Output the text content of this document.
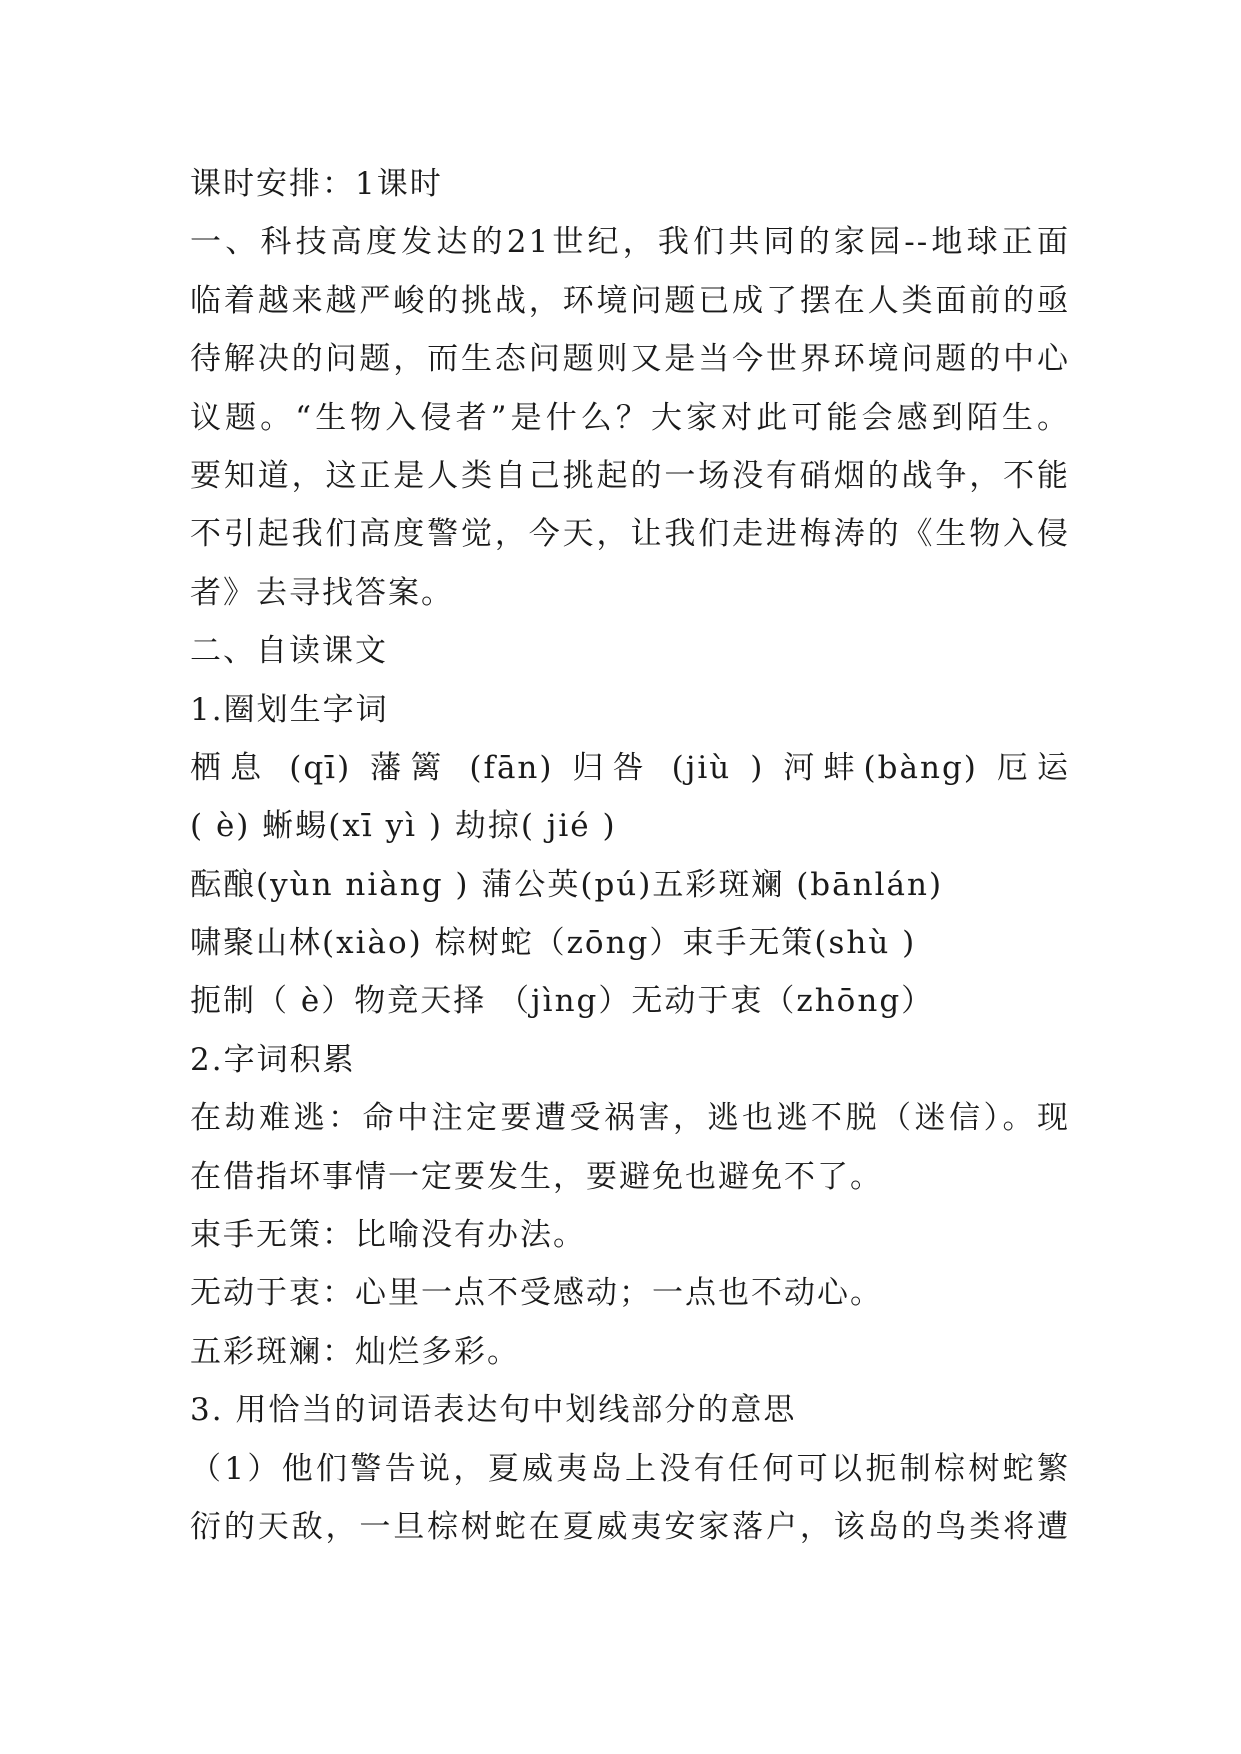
课时安排：1课时
一、科技高度发达的21世纪，我们共同的家园--地球正面
临着越来越严峻的挑战，环境问题已成了摆在人类面前的亟
待解决的问题，而生态问题则又是当今世界环境问题的中心
议题。“生物入侵者”是什么？大家对此可能会感到陌生。
要知道，这正是人类自己挑起的一场没有硝烟的战争，不能
不引起我们高度警觉，今天，让我们走进梅涛的《生物入侵
者》去寻找答案。
二、自读课文
1.圈划生字词
栖息 (qī) 藩篱 (fān) 归咎 (jiù ) 河蚌(bàng) 厄运
( è) 蜥蜴(xī yì ) 劫掠( jié )
酝酿(yùn niàng ) 蒲公英(pú)五彩斑斓 (bānlán)
啸聚山林(xiào) 棕树蛇（zōng）束手无策(shù )
扼制（ è）物竞天择 （jìng）无动于衷（zhōng）
2.字词积累
在劫难逃：命中注定要遭受祸害，逃也逃不脱（迷信）。现
在借指坏事情一定要发生，要避免也避免不了。
束手无策：比喻没有办法。
无动于衷：心里一点不受感动；一点也不动心。
五彩斑斓：灿烂多彩。
3. 用恰当的词语表达句中划线部分的意思
（1）他们警告说，夏威夷岛上没有任何可以扼制棕树蛇繁
衍的天敌，一旦棕树蛇在夏威夷安家落户，该岛的鸟类将遭
